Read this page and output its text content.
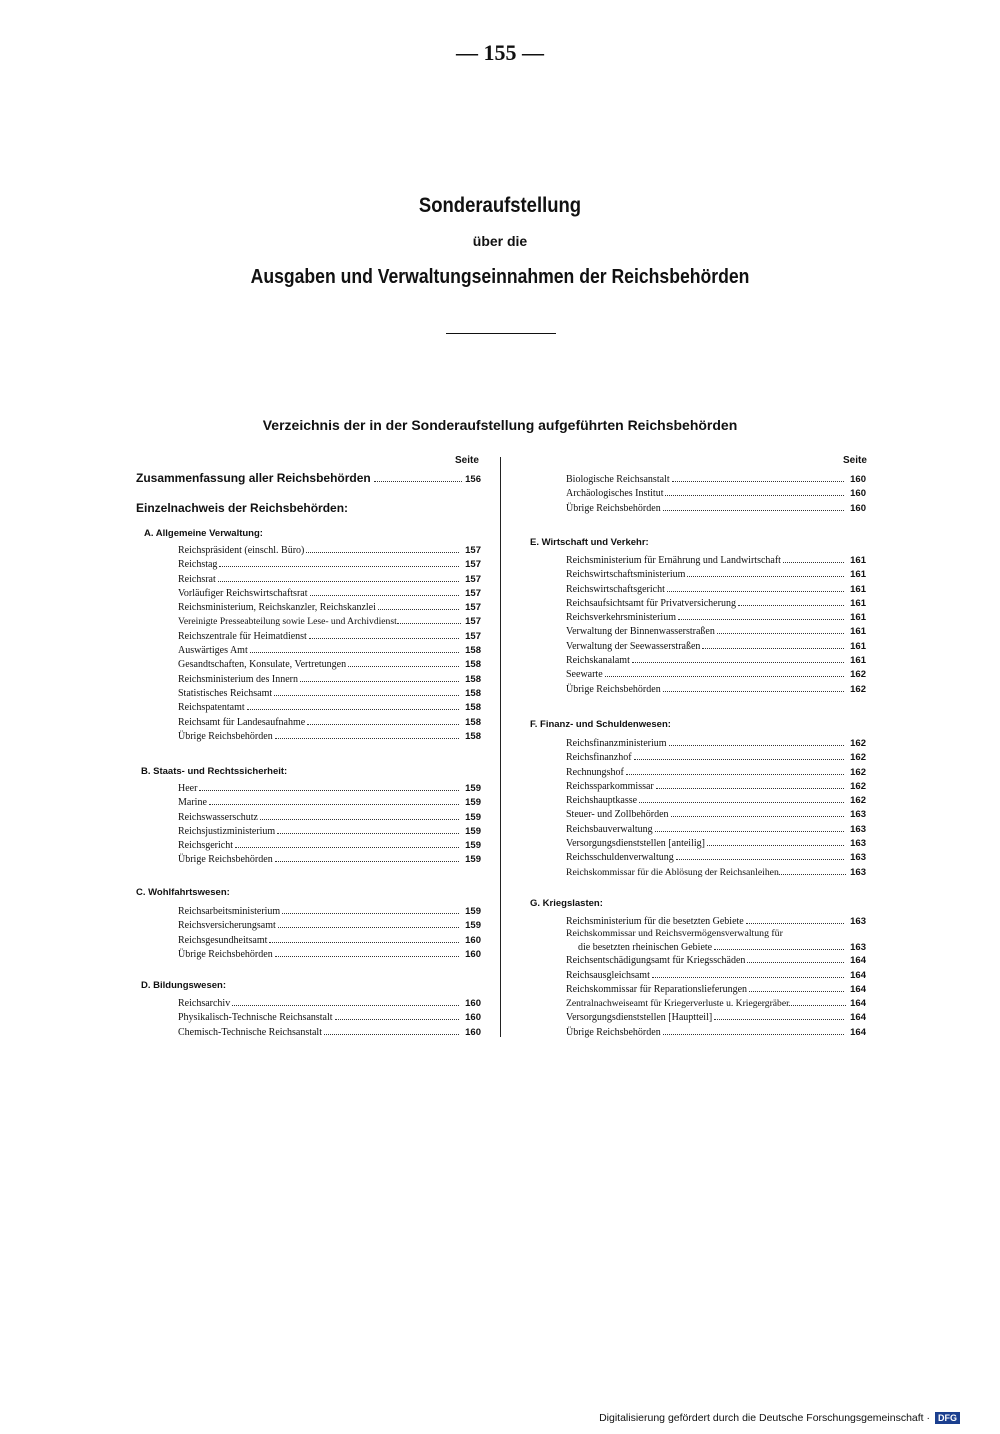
— 155 —
Sonderaufstellung
über die
Ausgaben und Verwaltungseinnahmen der Reichsbehörden
Verzeichnis der in der Sonderaufstellung aufgeführten Reichsbehörden
Seite
Zusammenfassung aller Reichsbehörden	156
Einzelnachweis der Reichsbehörden:
A. Allgemeine Verwaltung:
Reichspräsident (einschl. Büro)	157
Reichstag	157
Reichsrat	157
Vorläufiger Reichswirtschaftsrat	157
Reichsministerium, Reichskanzler, Reichskanzlei	157
Vereinigte Presseabteilung sowie Lese- und Archivdienst	157
Reichszentrale für Heimatdienst	157
Auswärtiges Amt	158
Gesandtschaften, Konsulate, Vertretungen	158
Reichsministerium des Innern	158
Statistisches Reichsamt	158
Reichspatentamt	158
Reichsamt für Landesaufnahme	158
Übrige Reichsbehörden	158
B. Staats- und Rechtssicherheit:
Heer	159
Marine	159
Reichswasserschutz	159
Reichsjustizministerium	159
Reichsgericht	159
Übrige Reichsbehörden	159
C. Wohlfahrtswesen:
Reichsarbeitsministerium	159
Reichsversicherungsamt	159
Reichsgesundheitsamt	160
Übrige Reichsbehörden	160
D. Bildungswesen:
Reichsarchiv	160
Physikalisch-Technische Reichsanstalt	160
Chemisch-Technische Reichsanstalt	160
Seite
Biologische Reichsanstalt	160
Archäologisches Institut	160
Übrige Reichsbehörden	160
E. Wirtschaft und Verkehr:
Reichsministerium für Ernährung und Landwirtschaft	161
Reichswirtschaftsministerium	161
Reichswirtschaftsgericht	161
Reichsaufsichtsamt für Privatversicherung	161
Reichsverkehrsministerium	161
Verwaltung der Binnenwasserstraßen	161
Verwaltung der Seewasserstraßen	161
Reichskanalamt	161
Seewarte	162
Übrige Reichsbehörden	162
F. Finanz- und Schuldenwesen:
Reichsfinanzministerium	162
Reichsfinanzhof	162
Rechnungshof	162
Reichssparkommissar	162
Reichshauptkasse	162
Steuer- und Zollbehörden	163
Reichsbauverwaltung	163
Versorgungsdienststellen [anteilig]	163
Reichsschuldenverwaltung	163
Reichskommissar für die Ablösung der Reichsanleihen	163
G. Kriegslasten:
Reichsministerium für die besetzten Gebiete	163
Reichskommissar und Reichsvermögensverwaltung für
die besetzten rheinischen Gebiete	163
Reichsentschädigungsamt für Kriegsschäden	164
Reichsausgleichsamt	164
Reichskommissar für Reparationslieferungen	164
Zentralnachweiseamt für Kriegerverluste u. Kriegergräber	164
Versorgungsdienststellen [Hauptteil]	164
Übrige Reichsbehörden	164
Digitalisierung gefördert durch die Deutsche Forschungsgemeinschaft · DFG
